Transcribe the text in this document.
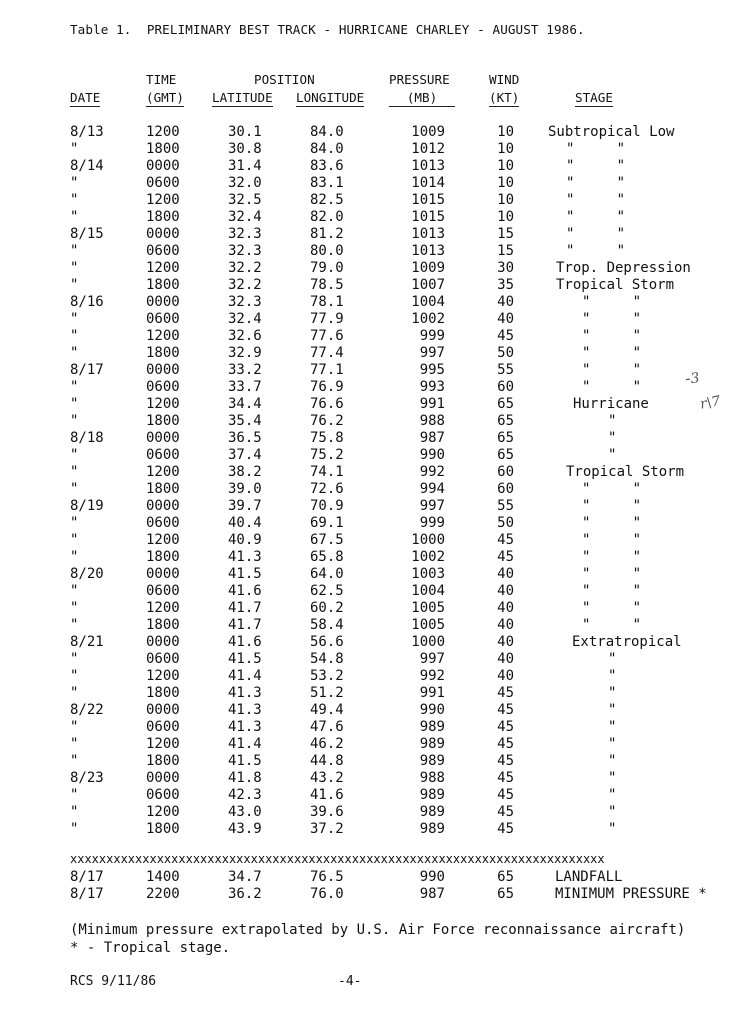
Table 1.  PRELIMINARY BEST TRACK - HURRICANE CHARLEY - AUGUST 1986.
TIME	POSITION	PRESSURE	WIND
DATE	(GMT) LATITUDE LONGITUDE	(MB)	(KT)	STAGE
8/13	1200	30.1	84.0	1009	10 Subtropical Low
"	1800	30.8	84.0	1012	10	"     "
8/14	0000	31.4	83.6	1013	10	"     "
"	0600	32.0	83.1	1014	10	"     "
"	1200	32.5	82.5	1015	10	"     "
"	1800	32.4	82.0	1015	10	"     "
8/15	0000	32.3	81.2	1013	15	"     "
"	0600	32.3	80.0	1013	15	"     "
"	1200	32.2	79.0	1009	30	Trop. Depression
"	1800	32.2	78.5	1007	35	Tropical Storm
8/16	0000	32.3	78.1	1004	40	"     "
"	0600	32.4	77.9	1002	40	"     "
"	1200	32.6	77.6	999	45	"     "
"	1800	32.9	77.4	997	50	"     "
8/17	0000	33.2	77.1	995	55	"     "
"	0600	33.7	76.9	993	60	"     "
"	1200	34.4	76.6	991	65	Hurricane
"	1800	35.4	76.2	988	65	"
8/18	0000	36.5	75.8	987	65	"
"	0600	37.4	75.2	990	65	"
"	1200	38.2	74.1	992	60	Tropical Storm
"	1800	39.0	72.6	994	60	"     "
8/19	0000	39.7	70.9	997	55	"     "
"	0600	40.4	69.1	999	50	"     "
"	1200	40.9	67.5	1000	45	"     "
"	1800	41.3	65.8	1002	45	"     "
8/20	0000	41.5	64.0	1003	40	"     "
"	0600	41.6	62.5	1004	40	"     "
"	1200	41.7	60.2	1005	40	"     "
"	1800	41.7	58.4	1005	40	"     "
8/21	0000	41.6	56.6	1000	40	Extratropical
"	0600	41.5	54.8	997	40	"
"	1200	41.4	53.2	992	40	"
"	1800	41.3	51.2	991	45	"
8/22	0000	41.3	49.4	990	45	"
"	0600	41.3	47.6	989	45	"
"	1200	41.4	46.2	989	45	"
"	1800	41.5	44.8	989	45	"
8/23	0000	41.8	43.2	988	45	"
"	0600	42.3	41.6	989	45	"
"	1200	43.0	39.6	989	45	"
"	1800	43.9	37.2	989	45	"
xxxxxxxxxxxxxxxxxxxxxxxxxxxxxxxxxxxxxxxxxxxxxxxxxxxxxxxxxxxxxxxxxxxxxxxxxx
8/17	1400	34.7	76.5	990	65	LANDFALL
8/17	2200	36.2	76.0	987	65	MINIMUM PRESSURE *
(Minimum pressure extrapolated by U.S. Air Force reconnaissance aircraft)
* - Tropical stage.
RCS 9/11/86	-4-
-3
r\7
